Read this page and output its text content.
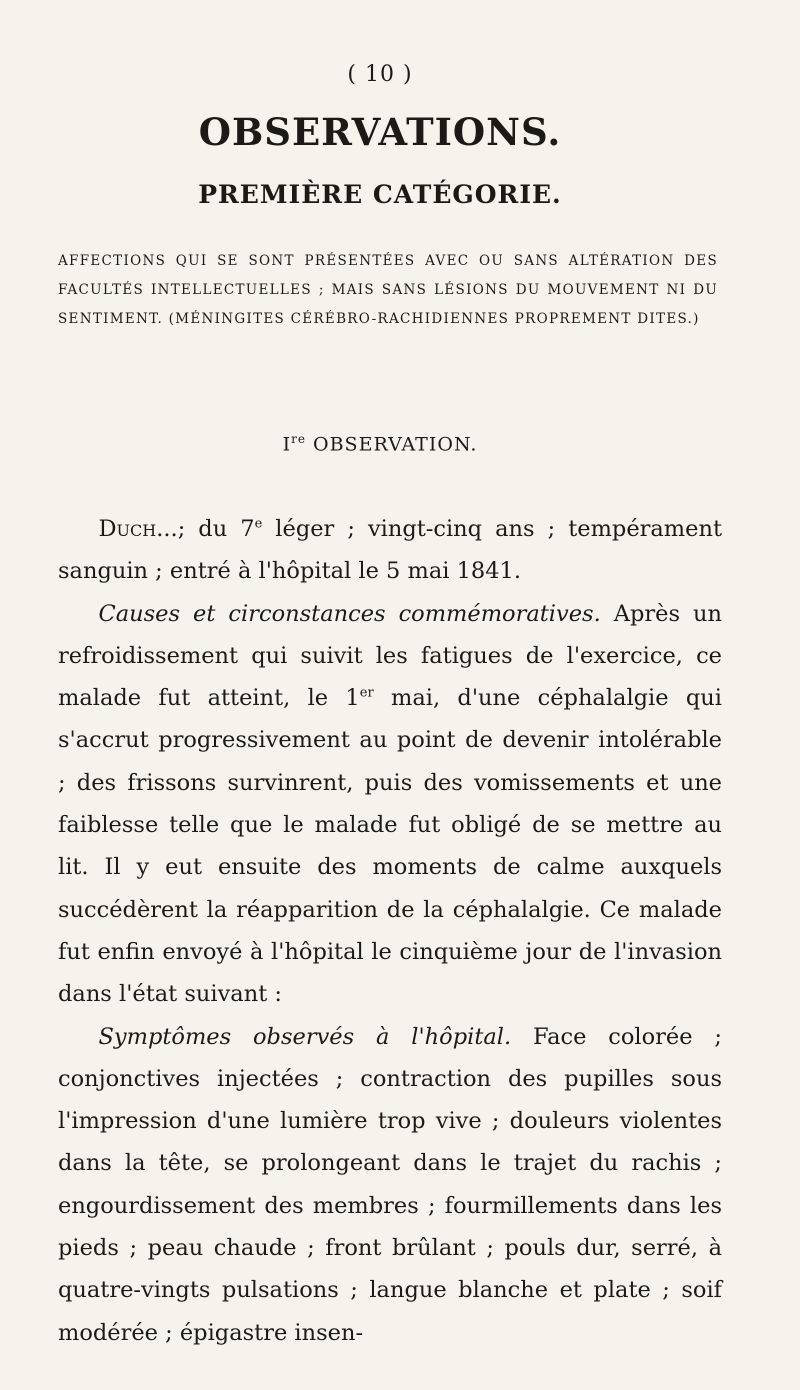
( 10 )
OBSERVATIONS.
PREMIÈRE CATÉGORIE.
AFFECTIONS QUI SE SONT PRÉSENTÉES AVEC OU SANS ALTÉRATION DES FACULTÉS INTELLECTUELLES ; MAIS SANS LÉSIONS DU MOUVEMENT NI DU SENTIMENT. (MÉNINGITES CÉRÉBRO-RACHIDIENNES PROPREMENT DITES.)
Ire OBSERVATION.

Duch...; du 7e léger ; vingt-cinq ans ; tempérament sanguin ; entré à l'hôpital le 5 mai 1841.

Causes et circonstances commémoratives. Après un refroidissement qui suivit les fatigues de l'exercice, ce malade fut atteint, le 1er mai, d'une céphalalgie qui s'accrut progressivement au point de devenir intolérable ; des frissons survinrent, puis des vomissements et une faiblesse telle que le malade fut obligé de se mettre au lit. Il y eut ensuite des moments de calme auxquels succédèrent la réapparition de la céphalalgie. Ce malade fut enfin envoyé à l'hôpital le cinquième jour de l'invasion dans l'état suivant :

Symptômes observés à l'hôpital. Face colorée ; conjonctives injectées ; contraction des pupilles sous l'impression d'une lumière trop vive ; douleurs violentes dans la tête, se prolongeant dans le trajet du rachis ; engourdissement des membres ; fourmillements dans les pieds ; peau chaude ; front brûlant ; pouls dur, serré, à quatre-vingts pulsations ; langue blanche et plate ; soif modérée ; épigastre insen-
